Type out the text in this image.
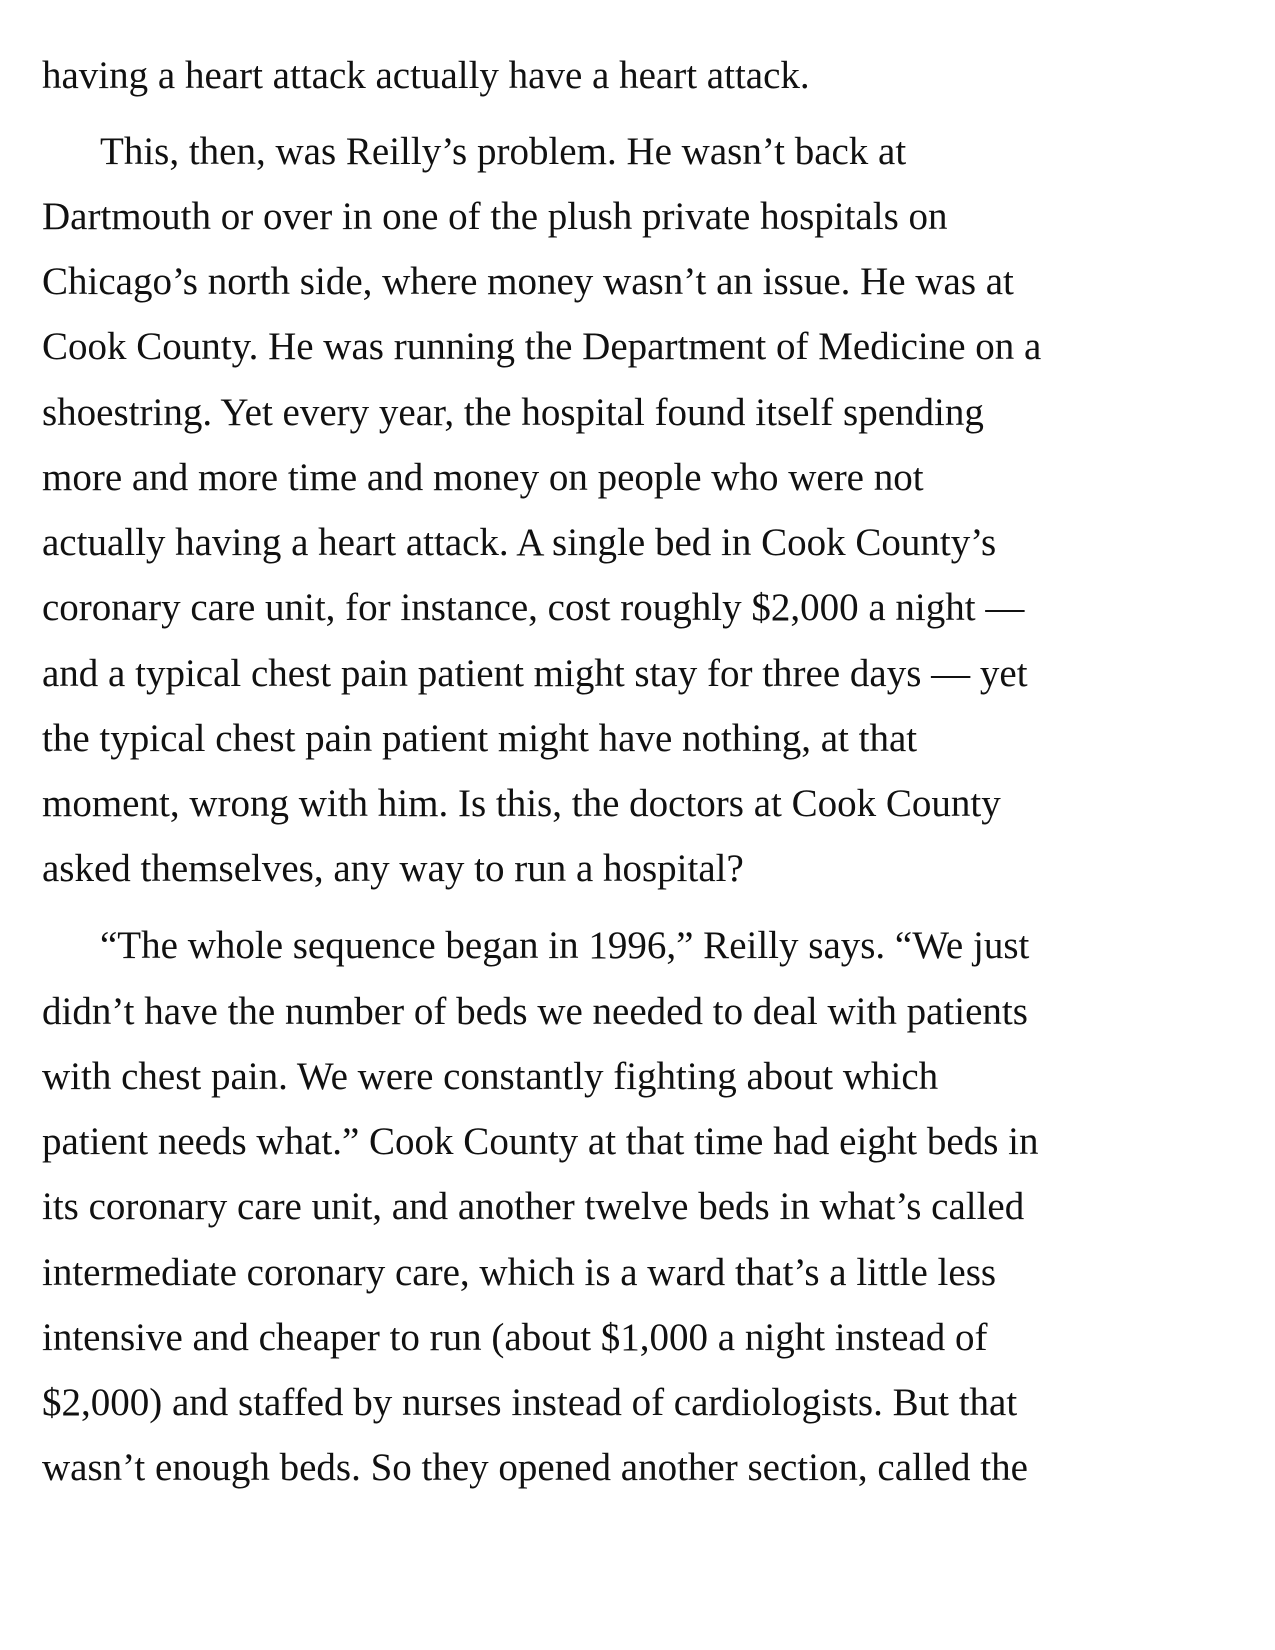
having a heart attack actually have a heart attack.
This, then, was Reilly’s problem. He wasn’t back at
Dartmouth or over in one of the plush private hospitals on
Chicago’s north side, where money wasn’t an issue. He was at
Cook County. He was running the Department of Medicine on a
shoestring. Yet every year, the hospital found itself spending
more and more time and money on people who were not
actually having a heart attack. A single bed in Cook County’s
coronary care unit, for instance, cost roughly $2,000 a night —
and a typical chest pain patient might stay for three days — yet
the typical chest pain patient might have nothing, at that
moment, wrong with him. Is this, the doctors at Cook County
asked themselves, any way to run a hospital?
“The whole sequence began in 1996,” Reilly says. “We just
didn’t have the number of beds we needed to deal with patients
with chest pain. We were constantly fighting about which
patient needs what.” Cook County at that time had eight beds in
its coronary care unit, and another twelve beds in what’s called
intermediate coronary care, which is a ward that’s a little less
intensive and cheaper to run (about $1,000 a night instead of
$2,000) and staffed by nurses instead of cardiologists. But that
wasn’t enough beds. So they opened another section, called the
